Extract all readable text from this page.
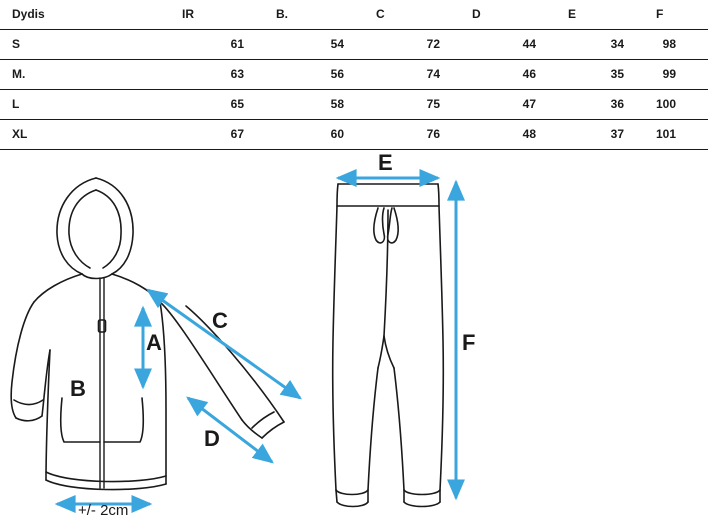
Dydis	IR	B.	C	D	E	F
S	61	54	72	44	34	98
M.	63	56	74	46	35	99
L	65	58	75	47	36	100
XL	67	60	76	48	37	101
A
B
C
D
E
F
+/- 2cm
